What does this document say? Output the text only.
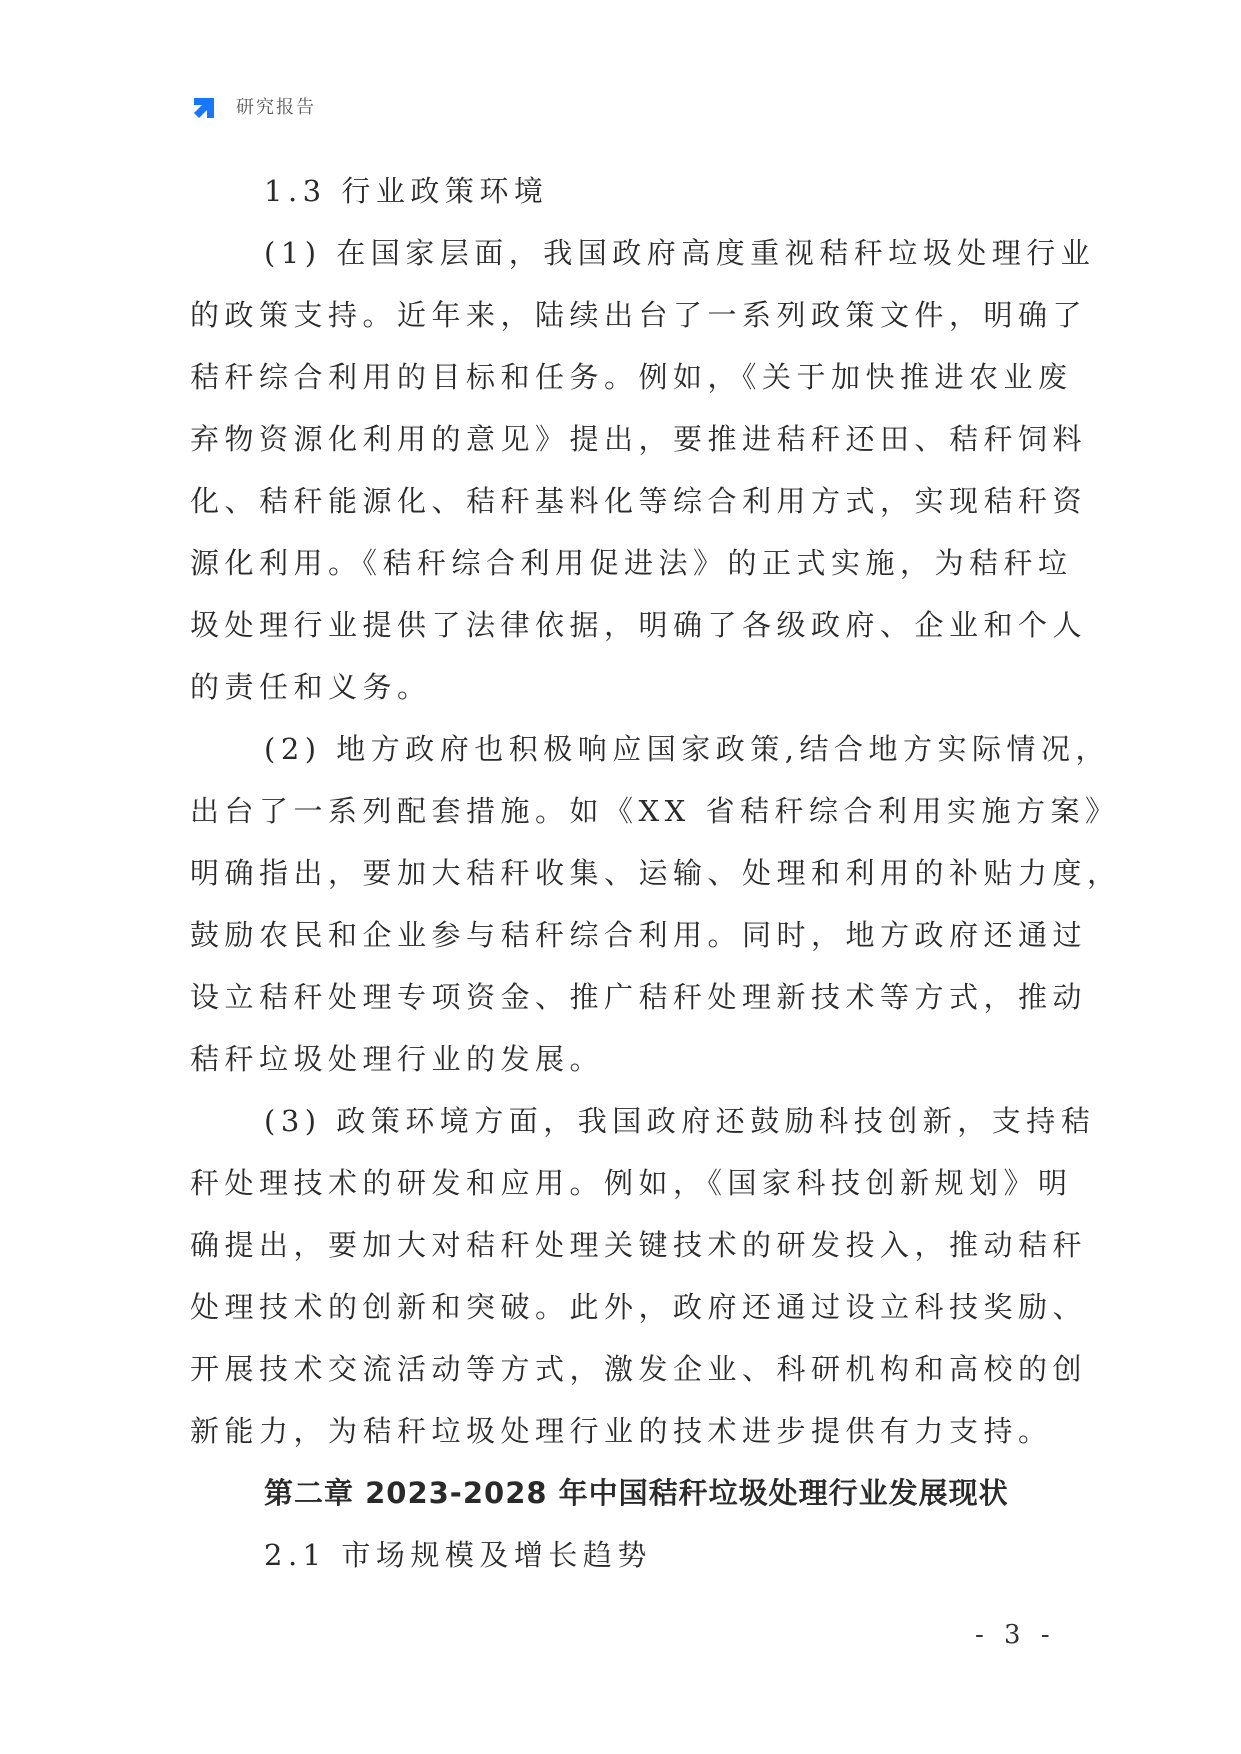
研究报告
1.3 行业政策环境
(1) 在国家层面，我国政府高度重视秸秆垃圾处理行业
的政策支持。近年来，陆续出台了一系列政策文件，明确了
秸秆综合利用的目标和任务。例如，《关于加快推进农业废
弃物资源化利用的意见》提出，要推进秸秆还田、秸秆饲料
化、秸秆能源化、秸秆基料化等综合利用方式，实现秸秆资
源化利用。《秸秆综合利用促进法》的正式实施，为秸秆垃
圾处理行业提供了法律依据，明确了各级政府、企业和个人
的责任和义务。
(2) 地方政府也积极响应国家政策,结合地方实际情况，
出台了一系列配套措施。如《XX 省秸秆综合利用实施方案》
明确指出，要加大秸秆收集、运输、处理和利用的补贴力度，
鼓励农民和企业参与秸秆综合利用。同时，地方政府还通过
设立秸秆处理专项资金、推广秸秆处理新技术等方式，推动
秸秆垃圾处理行业的发展。
(3) 政策环境方面，我国政府还鼓励科技创新，支持秸
秆处理技术的研发和应用。例如，《国家科技创新规划》明
确提出，要加大对秸秆处理关键技术的研发投入，推动秸秆
处理技术的创新和突破。此外，政府还通过设立科技奖励、
开展技术交流活动等方式，激发企业、科研机构和高校的创
新能力，为秸秆垃圾处理行业的技术进步提供有力支持。
第二章 2023-2028 年中国秸秆垃圾处理行业发展现状
2.1 市场规模及增长趋势
- 3 -
